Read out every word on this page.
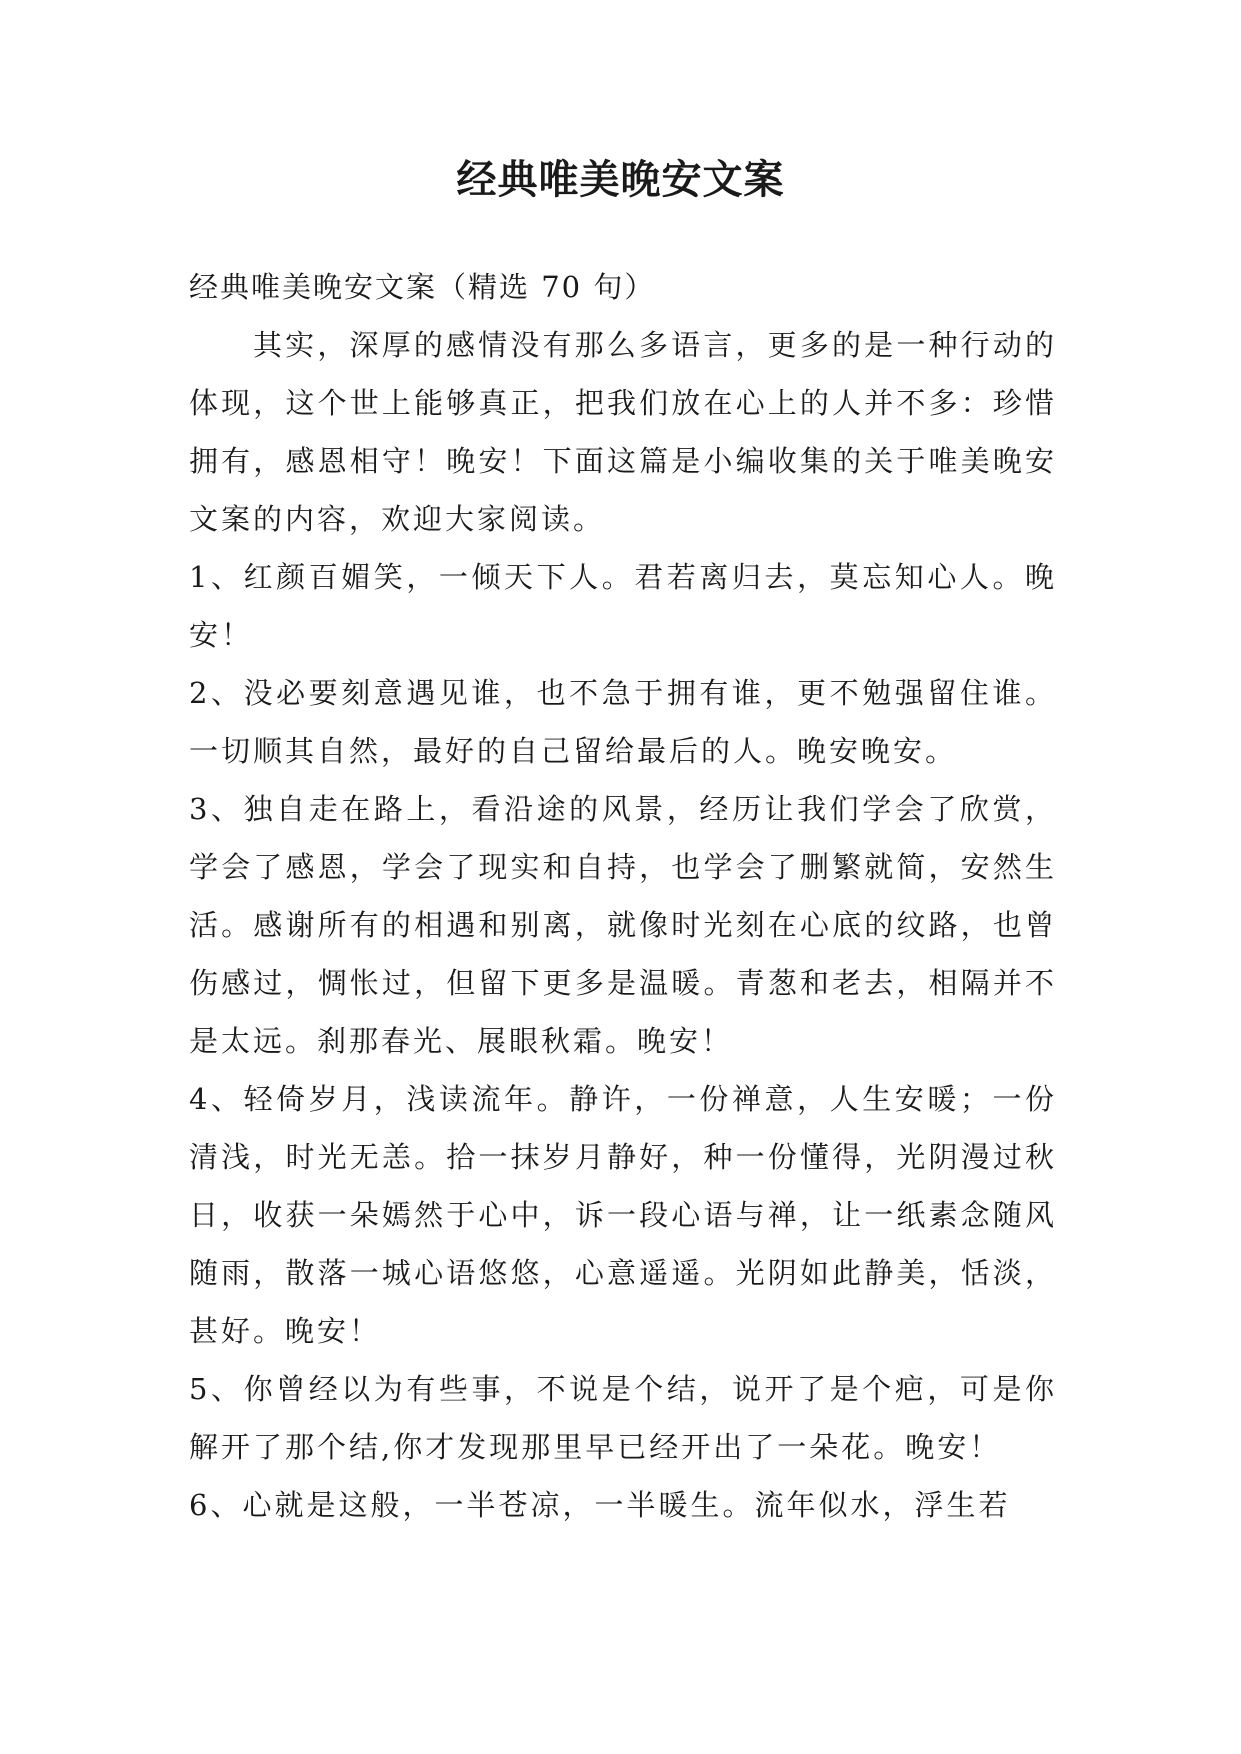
经典唯美晚安文案

经典唯美晚安文案（精选 70 句）

其实，深厚的感情没有那么多语言，更多的是一种行动的体现，这个世上能够真正，把我们放在心上的人并不多：珍惜拥有，感恩相守！晚安！下面这篇是小编收集的关于唯美晚安文案的内容，欢迎大家阅读。

1、红颜百媚笑，一倾天下人。君若离归去，莫忘知心人。晚安！

2、没必要刻意遇见谁，也不急于拥有谁，更不勉强留住谁。一切顺其自然，最好的自己留给最后的人。晚安晚安。

3、独自走在路上，看沿途的风景，经历让我们学会了欣赏，学会了感恩，学会了现实和自持，也学会了删繁就简，安然生活。感谢所有的相遇和别离，就像时光刻在心底的纹路，也曾伤感过，惆怅过，但留下更多是温暖。青葱和老去，相隔并不是太远。刹那春光、展眼秋霜。晚安！

4、轻倚岁月，浅读流年。静许，一份禅意，人生安暖；一份清浅，时光无恙。拾一抹岁月静好，种一份懂得，光阴漫过秋日，收获一朵嫣然于心中，诉一段心语与禅，让一纸素念随风随雨，散落一城心语悠悠，心意遥遥。光阴如此静美，恬淡，甚好。晚安！

5、你曾经以为有些事，不说是个结，说开了是个疤，可是你解开了那个结,你才发现那里早已经开出了一朵花。晚安！

6、心就是这般，一半苍凉，一半暖生。流年似水，浮生若
